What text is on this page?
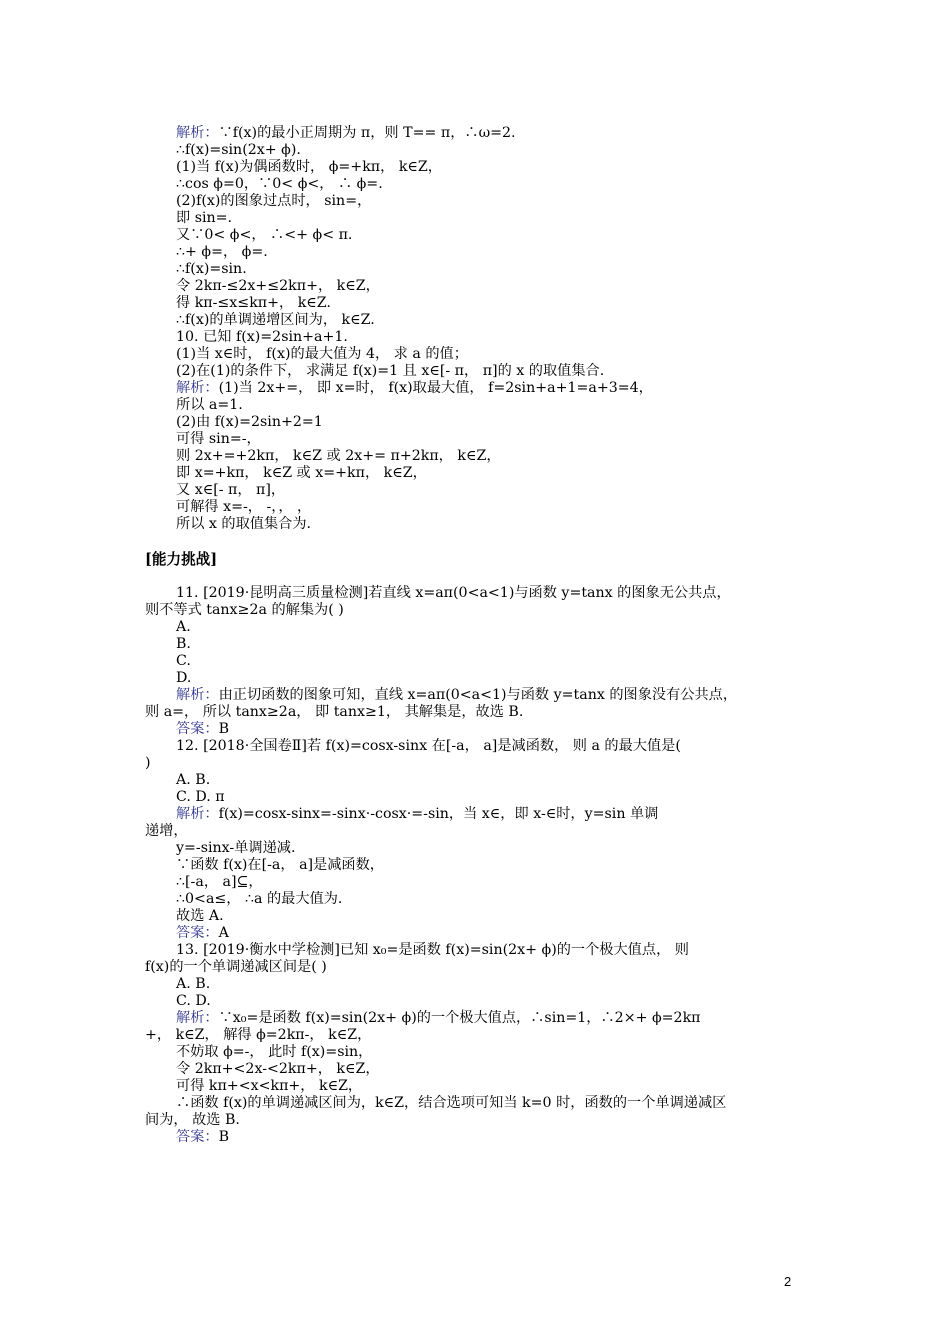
解析：∵f(x)的最小正周期为 π，则 T== π，∴ω=2.
∴f(x)=sin(2x+ ϕ).
(1)当 f(x)为偶函数时， ϕ=+kπ， k∈Z，
∴cos ϕ=0，∵0< ϕ<， ∴ ϕ=.
(2)f(x)的图象过点时， sin=，
即 sin=.
又∵0< ϕ<， ∴<+ ϕ< π.
∴+ ϕ=， ϕ=.
∴f(x)=sin.
令 2kπ-≤2x+≤2kπ+， k∈Z，
得 kπ-≤x≤kπ+， k∈Z.
∴f(x)的单调递增区间为， k∈Z.
10. 已知 f(x)=2sin+a+1.
(1)当 x∈时， f(x)的最大值为 4， 求 a 的值；
(2)在(1)的条件下， 求满足 f(x)=1 且 x∈[- π， π]的 x 的取值集合.
解析：(1)当 2x+=， 即 x=时， f(x)取最大值， f=2sin+a+1=a+3=4，
所以 a=1.
(2)由 f(x)=2sin+2=1
可得 sin=-，
则 2x+=+2kπ， k∈Z 或 2x+= π+2kπ， k∈Z，
即 x=+kπ， k∈Z 或 x=+kπ， k∈Z，
又 x∈[- π， π]，
可解得 x=-， -，， ，
所以 x 的取值集合为.
[能力挑战]
11. [2019·昆明高三质量检测]若直线 x=aπ(0<a<1)与函数 y=tanx 的图象无公共点，
则不等式 tanx≥2a 的解集为( )
A.
B.
C.
D.
解析：由正切函数的图象可知，直线 x=aπ(0<a<1)与函数 y=tanx 的图象没有公共点，
则 a=， 所以 tanx≥2a， 即 tanx≥1， 其解集是，故选 B.
答案：B
12. [2018·全国卷Ⅱ]若 f(x)=cosx-sinx 在[-a， a]是减函数， 则 a 的最大值是(
)
A. B.
C. D. π
解析：f(x)=cosx-sinx=-sinx·-cosx·=-sin，当 x∈，即 x-∈时，y=sin 单调
递增，
y=-sinx-单调递减.
∵函数 f(x)在[-a， a]是减函数，
∴[-a， a]⊆，
∴0<a≤， ∴a 的最大值为.
故选 A.
答案：A
13. [2019·衡水中学检测]已知 x₀=是函数 f(x)=sin(2x+ ϕ)的一个极大值点， 则
f(x)的一个单调递减区间是( )
A. B.
C. D.
解析：∵x₀=是函数 f(x)=sin(2x+ ϕ)的一个极大值点，∴sin=1，∴2×+ ϕ=2kπ
+， k∈Z， 解得 ϕ=2kπ-， k∈Z，
不妨取 ϕ=-， 此时 f(x)=sin，
令 2kπ+<2x-<2kπ+， k∈Z，
可得 kπ+<x<kπ+， k∈Z，
∴函数 f(x)的单调递减区间为，k∈Z，结合选项可知当 k=0 时，函数的一个单调递减区
间为， 故选 B.
答案：B
2
